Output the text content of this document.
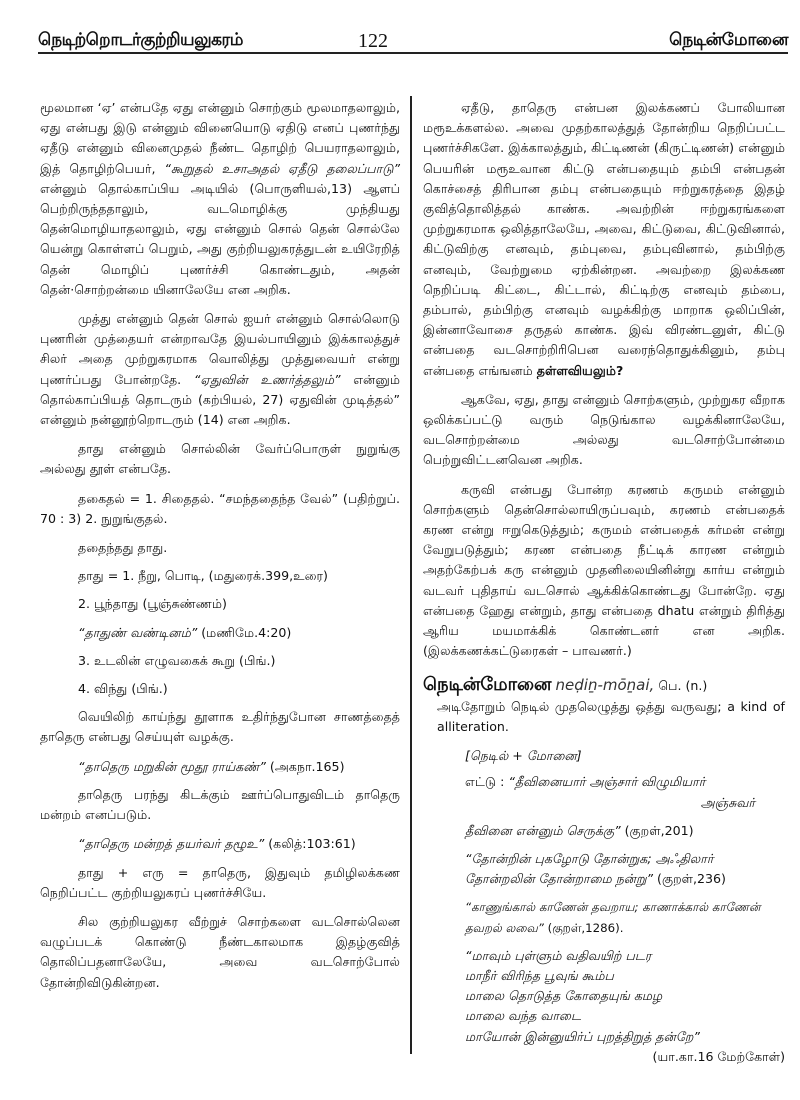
நெடிற்றொடர்குற்றியலுகரம்	122	நெடின்மோனை

மூலமான ‘ஏ’ என்பதே ஏது என்னும் சொற்கும் மூலமாதலாலும், ஏது என்பது இடு என்னும் வினையொடு ஏதிடு எனப் புணர்ந்து ஏதீடு என்னும் வினைமுதல் நீண்ட தொழிற் பெயராதலாலும், இத் தொழிற்பெயர், “கூறுதல் உசாஅதல் ஏதீடு தலைப்பாடு” என்னும் தொல்காப்பிய அடியில் (பொருளியல்,13) ஆளப் பெற்றிருந்ததாலும், வடமொழிக்கு முந்தியது தென்மொழியாதலாலும், ஏது என்னும் சொல் தென் சொல்லே யென்று கொள்ளப் பெறும், அது குற்றியலுகரத்துடன் உயிரேறித் தென் மொழிப் புணர்ச்சி கொண்டதும், அதன் தென்·சொற்றன்மை யினாலேயே என அறிக.

முத்து என்னும் தென் சொல் ஐயர் என்னும் சொல்லொடு புணரின் முத்தையர் என்றாவதே இயல்பாயினும் இக்காலத்துச் சிலர் அதை முற்றுகரமாக வொலித்து முத்துவையர் என்று புணர்ப்பது போன்றதே. “ஏதுவின் உணர்த்தலும்” என்னும் தொல்காப்பியத் தொடரும் (கற்பியல், 27) ஏதுவின் முடித்தல்” என்னும் நன்னூற்றொடரும் (14) என அறிக.

தாது என்னும் சொல்லின் வேர்ப்பொருள் நுறுங்கு அல்லது தூள் என்பதே.

தகைதல் = 1. சிதைதல். “சமந்ததைந்த வேல்” (பதிற்றுப். 70 : 3) 2. நுறுங்குதல்.

ததைந்தது தாது.

தாது = 1. நீறு, பொடி, (மதுரைக்.399,உரை)

2. பூந்தாது (பூஞ்சுண்ணம்)

“தாதுண் வண்டினம்” (மணிமே.4:20)

3. உடலின் எழுவகைக் கூறு (பிங்.)

4. விந்து (பிங்.)

வெயிலிற் காய்ந்து தூளாக உதிர்ந்துபோன சாணத்தைத் தாதெரு என்பது செய்யுள் வழக்கு.

“தாதெரு மறுகின் மூதூ ராய்கண்” (அகநா.165)

தாதெரு பரந்து கிடக்கும் ஊர்ப்பொதுவிடம் தாதெரு மன்றம் எனப்படும்.

“தாதெரு மன்றத் தயர்வர் தழூஉ” (கலித்:103:61)

தாது + எரு = தாதெரு, இதுவும் தமிழிலக்கண நெறிப்பட்ட குற்றியலுகரப் புணர்ச்சியே.

சில குற்றியலுகர வீற்றுச் சொற்களை வடசொல்லென வழுப்படக் கொண்டு நீண்டகாலமாக இதழ்குவித் தொலிப்பதனாலேயே, அவை வடசொற்போல் தோன்றிவிடுகின்றன.

ஏதீடு, தாதெரு என்பன இலக்கணப் போலியான மரூஉக்களல்ல. அவை முதற்காலத்துத் தோன்றிய நெறிப்பட்ட புணர்ச்சிகளே. இக்காலத்தும், கிட்டிணன் (கிருட்டிணன்) என்னும் பெயரின் மரூஉவான கிட்டு என்பதையும் தம்பி என்பதன் கொச்சைத் திரிபான தம்பு என்பதையும் ஈற்றுகரத்தை இதழ் குவித்தொலித்தல் காண்க. அவற்றின் ஈற்றுகரங்களை முற்றுகரமாக ஒலித்தாலேயே, அவை, கிட்டுவை, கிட்டுவினால், கிட்டுவிற்கு எனவும், தம்புவை, தம்புவினால், தம்பிற்கு எனவும், வேற்றுமை ஏற்கின்றன. அவற்றை இலக்கண நெறிப்படி கிட்டை, கிட்டால், கிட்டிற்கு எனவும் தம்பை, தம்பால், தம்பிற்கு எனவும் வழக்கிற்கு மாறாக ஒலிப்பின், இன்னாவோசை தருதல் காண்க. இவ் விரண்டனுள், கிட்டு என்பதை வடசொற்றிரிபென வரைந்தொதுக்கினும், தம்பு என்பதை எங்ஙனம் தள்ளவியலும்?

ஆகவே, ஏது, தாது என்னும் சொற்களும், முற்றுகர வீறாக ஒலிக்கப்பட்டு வரும் நெடுங்கால வழக்கினாலேயே, வடசொற்றன்மை அல்லது வடசொற்போன்மை பெற்றுவிட்டனவென அறிக.

கருவி என்பது போன்ற கரணம் கருமம் என்னும் சொற்களும் தென்சொல்லாயிருப்பவும், கரணம் என்பதைக் கரண என்று ஈறுகெடுத்தும்; கருமம் என்பதைக் கர்மன் என்று வேறுபடுத்தும்; கரண என்பதை நீட்டிக் காரண என்றும் அதற்கேற்பக் கரு என்னும் முதனிலையினின்று கார்ய என்றும் வடவர் புதிதாய் வடசொல் ஆக்கிக்கொண்டது போன்றே. ஏது என்பதை ஹேது என்றும், தாது என்பதை dhatu என்றும் திரித்து ஆரிய மயமாக்கிக் கொண்டனர் என அறிக. (இலக்கணக்கட்டுரைகள் – பாவணர்.)

நெடின்மோனை neḍiṉ-mōṉai, பெ. (n.)

அடிதோறும் நெடில் முதலெழுத்து ஒத்து வருவது; a kind of alliteration.

[நெடில் + மோனை]

எட்டு : “தீவினையார் அஞ்சார் விழுமியார்
அஞ்சுவர்

தீவினை என்னும் செருக்கு” (குறள்,201)

“தோன்றின் புகழோடு தோன்றுக; அஃதிலார் தோன்றலின் தோன்றாமை நன்று” (குறள்,236)

“காணுங்கால் காணேன் தவறாய; காணாக்கால் காணேன் தவறல் லவை” (குறள்,1286).

“மாவும் புள்ளும் வதிவயிற் படர
மாநீர் விரிந்த பூவுங் கூம்ப
மாலை தொடுத்த கோதையுங் கமழ
மாலை வந்த வாடை
மாயோன் இன்னுயிர்ப் புறத்திறுத் தன்றே”
(யா.கா.16 மேற்கோள்)
